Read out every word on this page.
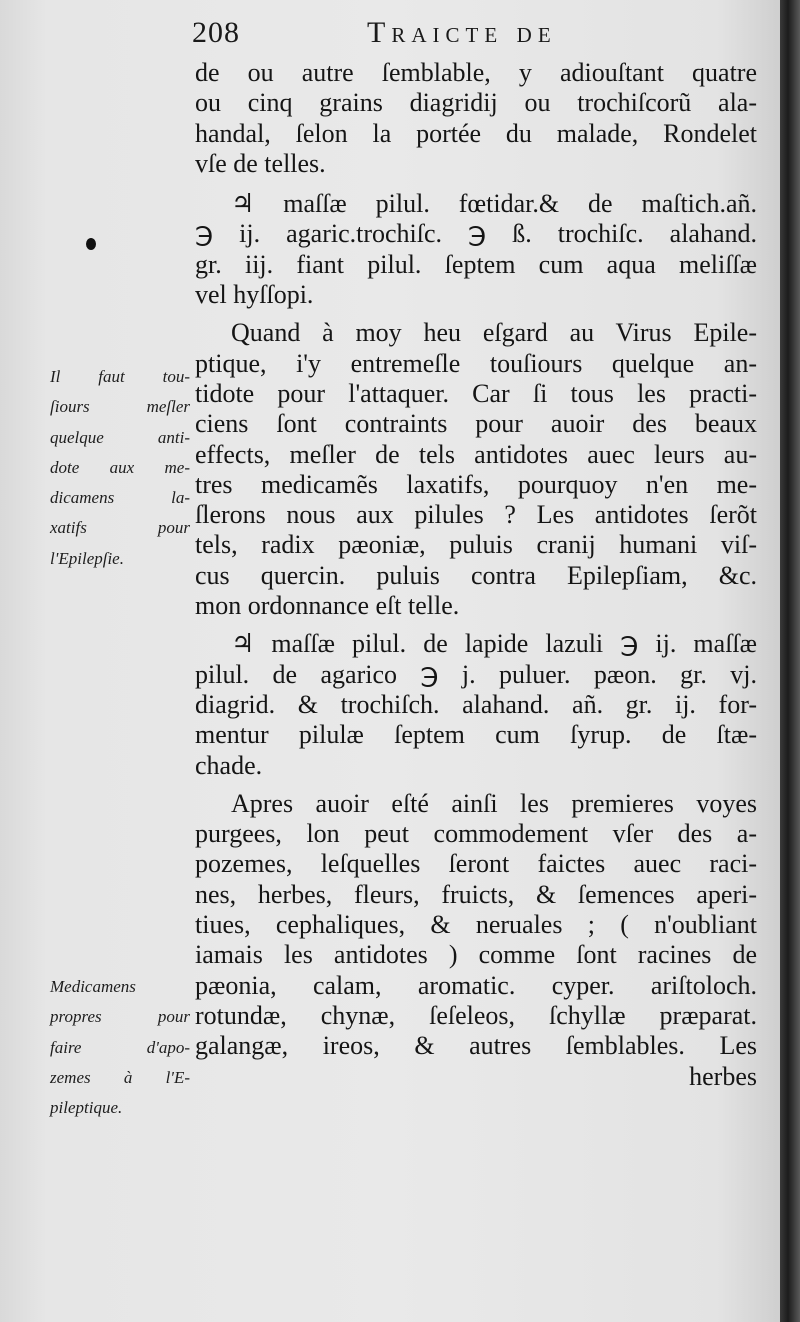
208	Traicte de
de ou autre ſemblable, y adiouſtant quatre
ou cinq grains diagridij ou trochiſcorũ ala-
handal, ſelon la portée du malade, Rondelet
vſe de telles.
♃ maſſæ pilul. fœtidar.& de maſtich.añ.
℈ ij. agaric.trochiſc. ℈ ß. trochiſc. alahand.
gr. iij. fiant pilul. ſeptem cum aqua meliſſæ
vel hyſſopi.
Quand à moy heu eſgard au Virus Epile-
ptique, i'y entremeſle touſiours quelque an-
tidote pour l'attaquer. Car ſi tous les practi-
ciens ſont contraints pour auoir des beaux
effects, meſler de tels antidotes auec leurs au-
tres medicamẽs laxatifs, pourquoy n'en me-
ſlerons nous aux pilules ? Les antidotes ſerõt
tels, radix pæoniæ, puluis cranij humani viſ-
cus quercin. puluis contra Epilepſiam, &c.
mon ordonnance eſt telle.
♃ maſſæ pilul. de lapide lazuli ℈ ij. maſſæ
pilul. de agarico ℈ j. puluer. pæon. gr. vj.
diagrid. & trochiſch. alahand. añ. gr. ij. for-
mentur pilulæ ſeptem cum ſyrup. de ſtæ-
chade.
Apres auoir eſté ainſi les premieres voyes
purgees, lon peut commodement vſer des a-
pozemes, leſquelles ſeront faictes auec raci-
nes, herbes, fleurs, fruicts, & ſemences aperi-
tiues, cephaliques, & neruales ; ( n'oubliant
iamais les antidotes ) comme ſont racines de
pæonia, calam, aromatic. cyper. ariſtoloch.
rotundæ, chynæ, ſeſeleos, ſchyllæ præparat.
galangæ, ireos, & autres ſemblables. Les
herbes
Il faut tou-
ſiours meſler
quelque anti-
dote aux me-
dicamens la-
xatifs pour
l'Epilepſie.
Medicamens
propres pour
faire d'apo-
zemes à l'E-
pileptique.
